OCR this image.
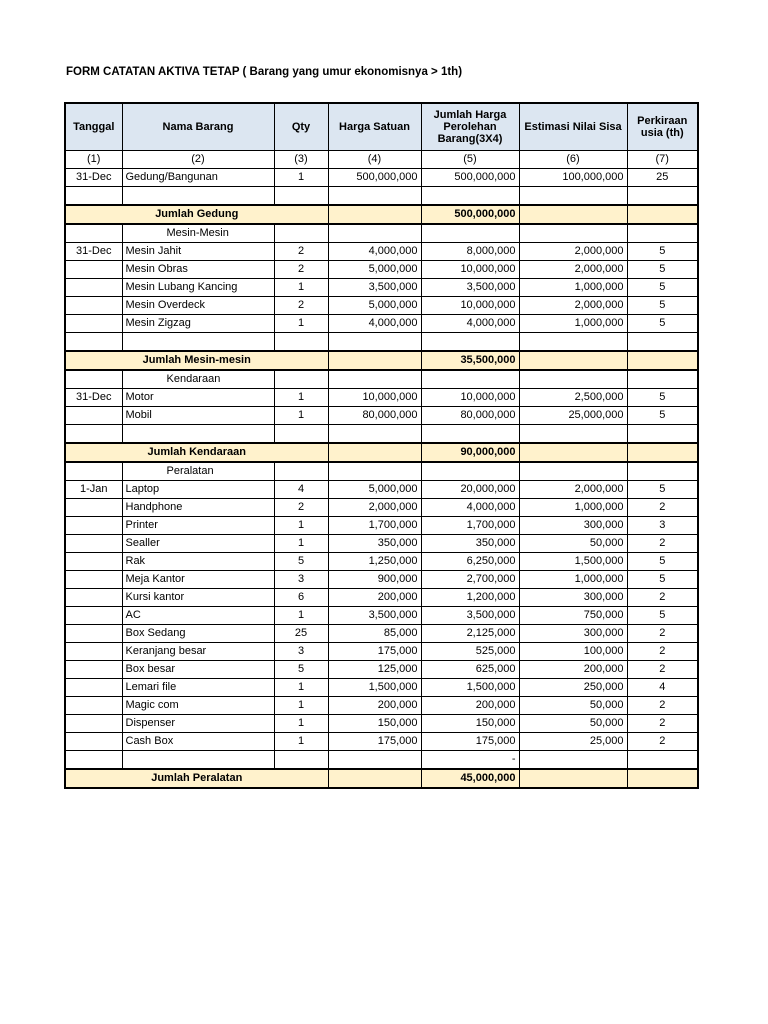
FORM CATATAN AKTIVA TETAP ( Barang yang umur ekonomisnya > 1th)
Tanggal	Nama Barang	Qty	Harga Satuan	Jumlah Harga Perolehan Barang(3X4)	Estimasi Nilai Sisa	Perkiraan usia (th)
(1)	(2)	(3)	(4)	(5)	(6)	(7)
31-Dec	Gedung/Bangunan	1	500,000,000	500,000,000	100,000,000	25

Jumlah Gedung				500,000,000		
	Mesin-Mesin					
31-Dec	Mesin Jahit	2	4,000,000	8,000,000	2,000,000	5
	Mesin Obras	2	5,000,000	10,000,000	2,000,000	5
	Mesin Lubang Kancing	1	3,500,000	3,500,000	1,000,000	5
	Mesin Overdeck	2	5,000,000	10,000,000	2,000,000	5
	Mesin Zigzag	1	4,000,000	4,000,000	1,000,000	5

Jumlah Mesin-mesin				35,500,000		
	Kendaraan					
31-Dec	Motor	1	10,000,000	10,000,000	2,500,000	5
	Mobil	1	80,000,000	80,000,000	25,000,000	5

Jumlah Kendaraan				90,000,000		
	Peralatan					
1-Jan	Laptop	4	5,000,000	20,000,000	2,000,000	5
	Handphone	2	2,000,000	4,000,000	1,000,000	2
	Printer	1	1,700,000	1,700,000	300,000	3
	Sealler	1	350,000	350,000	50,000	2
	Rak	5	1,250,000	6,250,000	1,500,000	5
	Meja Kantor	3	900,000	2,700,000	1,000,000	5
	Kursi kantor	6	200,000	1,200,000	300,000	2
	AC	1	3,500,000	3,500,000	750,000	5
	Box Sedang	25	85,000	2,125,000	300,000	2
	Keranjang besar	3	175,000	525,000	100,000	2
	Box besar	5	125,000	625,000	200,000	2
	Lemari file	1	1,500,000	1,500,000	250,000	4
	Magic com	1	200,000	200,000	50,000	2
	Dispenser	1	150,000	150,000	50,000	2
	Cash Box	1	175,000	175,000	25,000	2
				-		
Jumlah Peralatan				45,000,000		
